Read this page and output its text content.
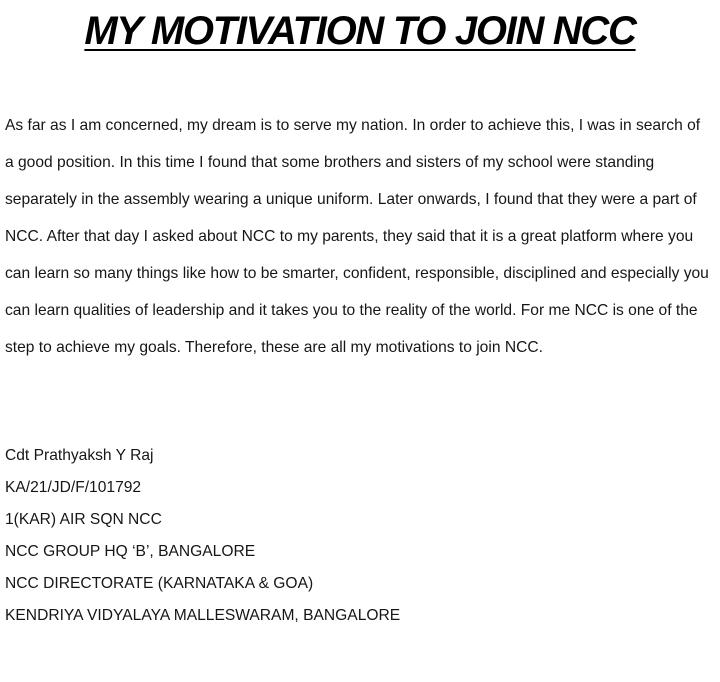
MY MOTIVATION TO JOIN NCC

As far as I am concerned, my dream is to serve my nation. In order to achieve this, I was in search of a good position. In this time I found that some brothers and sisters of my school were standing separately in the assembly wearing a unique uniform. Later onwards, I found that they were a part of NCC. After that day I asked about NCC to my parents, they said that it is a great platform where you can learn so many things like how to be smarter, confident, responsible, disciplined and especially you can learn qualities of leadership and it takes you to the reality of the world. For me NCC is one of the step to achieve my goals. Therefore, these are all my motivations to join NCC.

Cdt Prathyaksh Y Raj
KA/21/JD/F/101792
1(KAR) AIR SQN NCC
NCC GROUP HQ ‘B’, BANGALORE
NCC DIRECTORATE (KARNATAKA & GOA)
KENDRIYA VIDYALAYA MALLESWARAM, BANGALORE
